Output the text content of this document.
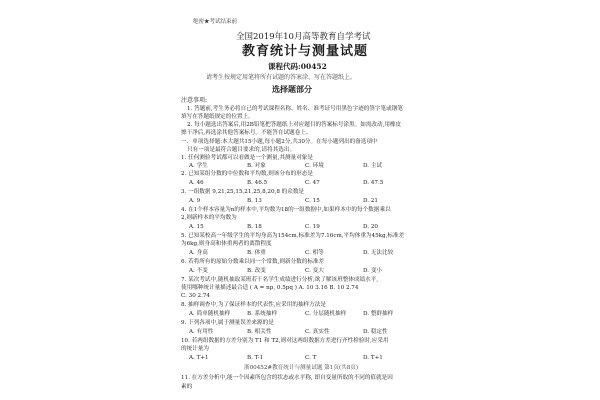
绝密★考试结束前
全国2019年10月高等教育自学考试
教育统计与测量试题
课程代码:00452
请考生按规定用笔将所有试题的答案涂、写在答题纸上。
选择题部分
注意事项:
1. 答题前,考生务必将自己的考试课程名称、姓名、准考证号用黑色字迹的签字笔或钢笔
填写在答题纸规定的位置上。
2. 每小题选出答案后,用2B铅笔把答题纸上对应题目的答案标号涂黑。如需改动,用橡皮
擦干净后,再选涂其他答案标号。不能答在试题卷上。
一、单项选择题:本大题共15小题,每小题2分,共30分。在每小题列出的备选项中
只有一项是最符合题目要求的,请将其选出。
1. 任何测验考试都可以看做是一个测量,其测量对象是
A. 学生	B. 对象	C. 环境	D. 主试
2. 已知某组分数的中位数和平均数,则该分布的形态是
A. 46	B. 46.5	C. 47	D. 47.5
3. 一组数据 9,21,25,15,21,25,8,20,8 的众数是
A. 9	B. 13	C. 15	D. 21
4. 在1个样本容量为n的样本中,平均数为18的一组数据中,如果样本中的每个数据乘以
2,则新样本的平均数为
A. 15	B. 18	C. 19	D. 20
5. 已知某校高一年级学生的平均身高为154cm,标准差为7.16cm,平均体重为45kg,标准差
为6kg,则身高和体重两者的离散程度
A. 身高	B. 体重	C. 相等	D. 无法比较
6. 若将所有的原始分数乘以同一个常数,则新分数的标准差
A. 不变	B. 改变	C. 变大	D. 变小
7. 某次考试中,随机抽取某班若干名学生成绩进行分析,欲了解该班整体成绩水平,
使用哪种统计量描述最合适 ( A = np, 0.5pq ) A. 10 3.16 B. 10 2.74
C. 30 2.74
8. 抽样调查中,为了保证样本的代表性,应采用的抽样方法是
A. 简单随机抽样	B. 系统抽样	C. 分层随机抽样	D. 整群抽样
9. 下列各项中,属于测量误差来源的是
A. 有用性	B. 相关性	C. 真实性	D. 稳定性
10. 若两组数据的方差分别为 T1 和 T2,则对这两组数据方差进行齐性检验时,应采用
的统计量为
A. T+1	B. T-1	C. T	D. T+1
浙00452#教育统计与测量试题 第1页(共8页)
11. 在方差分析中,能一个因素所包含的状态或水平称, 即自变量所取的不同的值就是因
素的
